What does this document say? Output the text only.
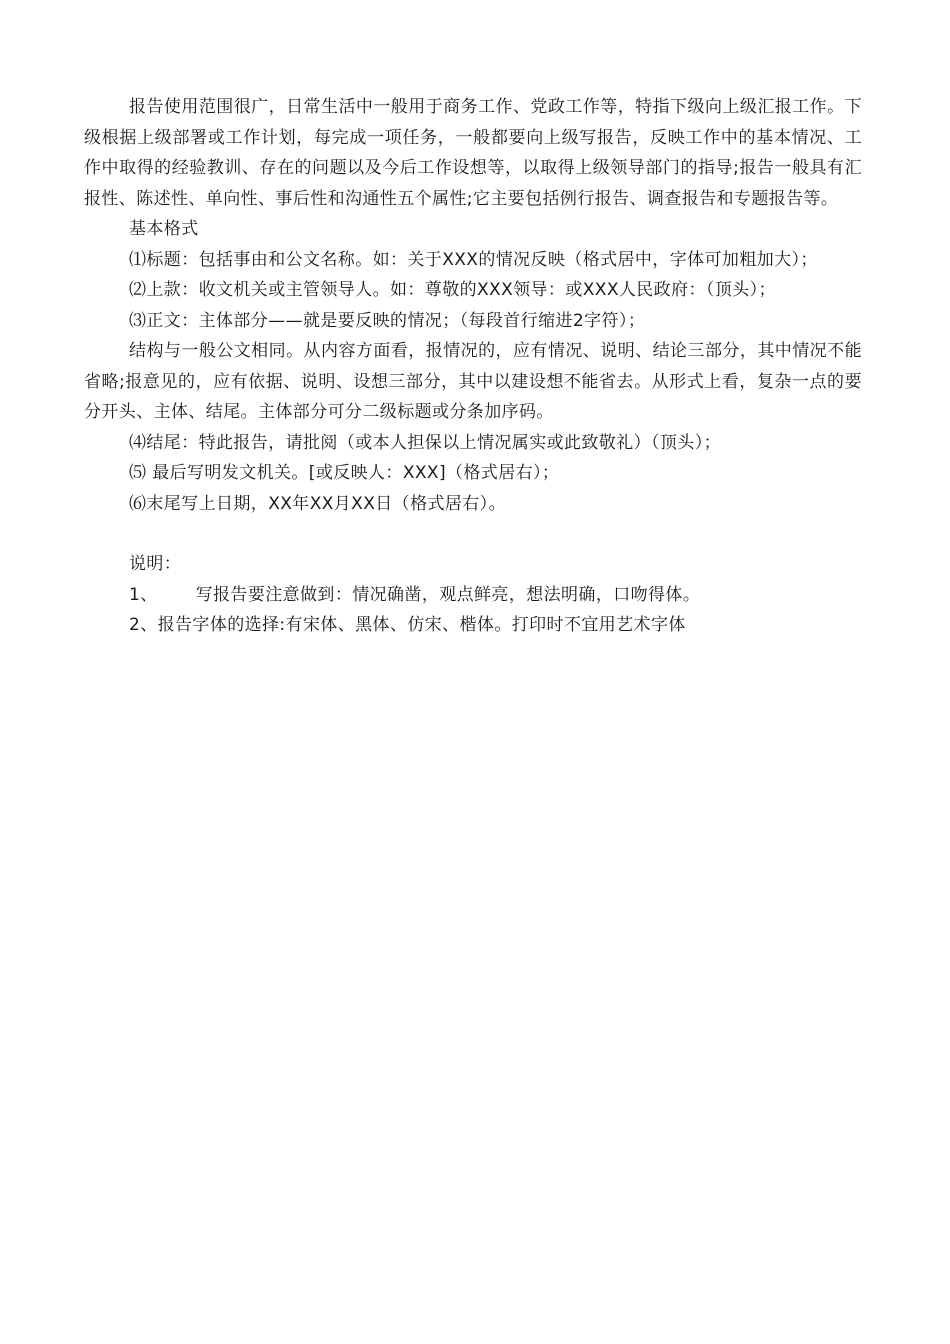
报告使用范围很广，日常生活中一般用于商务工作、党政工作等，特指下级向上级汇报工作。下级根据上级部署或工作计划，每完成一项任务，一般都要向上级写报告，反映工作中的基本情况、工作中取得的经验教训、存在的问题以及今后工作设想等，以取得上级领导部门的指导;报告一般具有汇报性、陈述性、单向性、事后性和沟通性五个属性;它主要包括例行报告、调查报告和专题报告等。

基本格式

⑴标题：包括事由和公文名称。如：关于XXX的情况反映（格式居中，字体可加粗加大）；

⑵上款：收文机关或主管领导人。如：尊敬的XXX领导：或XXX人民政府：（顶头）；

⑶正文：主体部分——就是要反映的情况；（每段首行缩进2字符）；

结构与一般公文相同。从内容方面看，报情况的，应有情况、说明、结论三部分，其中情况不能省略;报意见的，应有依据、说明、设想三部分，其中以建设想不能省去。从形式上看，复杂一点的要分开头、主体、结尾。主体部分可分二级标题或分条加序码。

⑷结尾：特此报告，请批阅（或本人担保以上情况属实或此致敬礼）（顶头）；

⑸ 最后写明发文机关。[或反映人：XXX]（格式居右）；

⑹末尾写上日期，XX年XX月XX日（格式居右）。

说明：

1、 写报告要注意做到：情况确凿，观点鲜亮，想法明确，口吻得体。

2、报告字体的选择:有宋体、黑体、仿宋、楷体。打印时不宜用艺术字体
